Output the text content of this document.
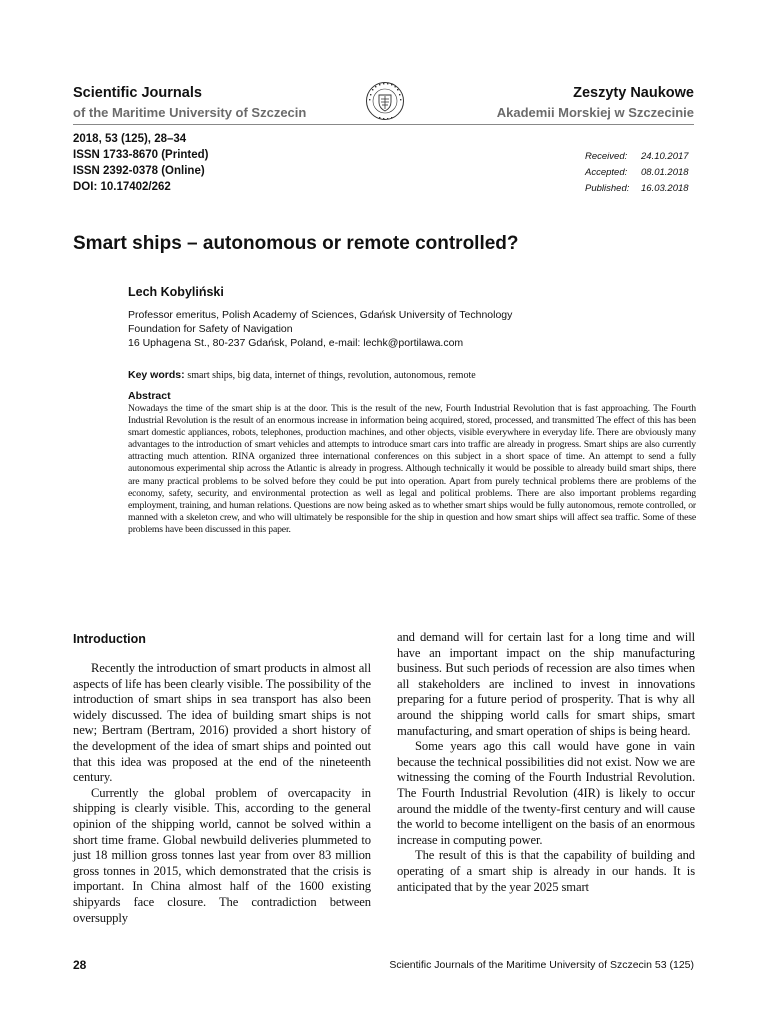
Scientific Journals
of the Maritime University of Szczecin
Zeszyty Naukowe
Akademii Morskiej w Szczecinie
2018, 53 (125), 28–34
ISSN 1733-8670 (Printed)
ISSN 2392-0378 (Online)
DOI: 10.17402/262
Received:	24.10.2017
Accepted:	08.01.2018
Published:	16.03.2018
Smart ships – autonomous or remote controlled?
Lech Kobyliński
Professor emeritus, Polish Academy of Sciences, Gdańsk University of Technology
Foundation for Safety of Navigation
16 Uphagena St., 80-237 Gdańsk, Poland, e-mail: lechk@portilawa.com
Key words: smart ships, big data, internet of things, revolution, autonomous, remote
Abstract
Nowadays the time of the smart ship is at the door. This is the result of the new, Fourth Industrial Revolution that is fast approaching. The Fourth Industrial Revolution is the result of an enormous increase in information being acquired, stored, processed, and transmitted The effect of this has been smart domestic appliances, robots, telephones, production machines, and other objects, visible everywhere in everyday life. There are obviously many advantages to the introduction of smart vehicles and attempts to introduce smart cars into traffic are already in progress. Smart ships are also currently attracting much attention. RINA organized three international conferences on this subject in a short space of time. An attempt to send a fully autonomous experimental ship across the Atlantic is already in progress. Although technically it would be possible to already build smart ships, there are many practical problems to be solved before they could be put into operation. Apart from purely technical problems there are problems of the economy, safety, security, and environmental protection as well as legal and political problems. There are also important problems regarding employment, training, and human relations. Questions are now being asked as to whether smart ships would be fully autonomous, remote controlled, or manned with a skeleton crew, and who will ultimately be responsible for the ship in question and how smart ships will affect sea traffic. Some of these problems have been discussed in this paper.
Introduction

Recently the introduction of smart products in almost all aspects of life has been clearly visible. The possibility of the introduction of smart ships in sea transport has also been widely discussed. The idea of building smart ships is not new; Bertram (Bertram, 2016) provided a short history of the development of the idea of smart ships and pointed out that this idea was proposed at the end of the nineteenth century.

Currently the global problem of overcapacity in shipping is clearly visible. This, according to the general opinion of the shipping world, cannot be solved within a short time frame. Global newbuild deliveries plummeted to just 18 million gross tonnes last year from over 83 million gross tonnes in 2015, which demonstrated that the crisis is important. In China almost half of the 1600 existing shipyards face closure. The contradiction between oversupply

and demand will for certain last for a long time and will have an important impact on the ship manufacturing business. But such periods of recession are also times when all stakeholders are inclined to invest in innovations preparing for a future period of prosperity. That is why all around the shipping world calls for smart ships, smart manufacturing, and smart operation of ships is being heard.

Some years ago this call would have gone in vain because the technical possibilities did not exist. Now we are witnessing the coming of the Fourth Industrial Revolution. The Fourth Industrial Revolution (4IR) is likely to occur around the middle of the twenty-first century and will cause the world to become intelligent on the basis of an enormous increase in computing power.

The result of this is that the capability of building and operating of a smart ship is already in our hands. It is anticipated that by the year 2025 smart

28	Scientific Journals of the Maritime University of Szczecin 53 (125)
